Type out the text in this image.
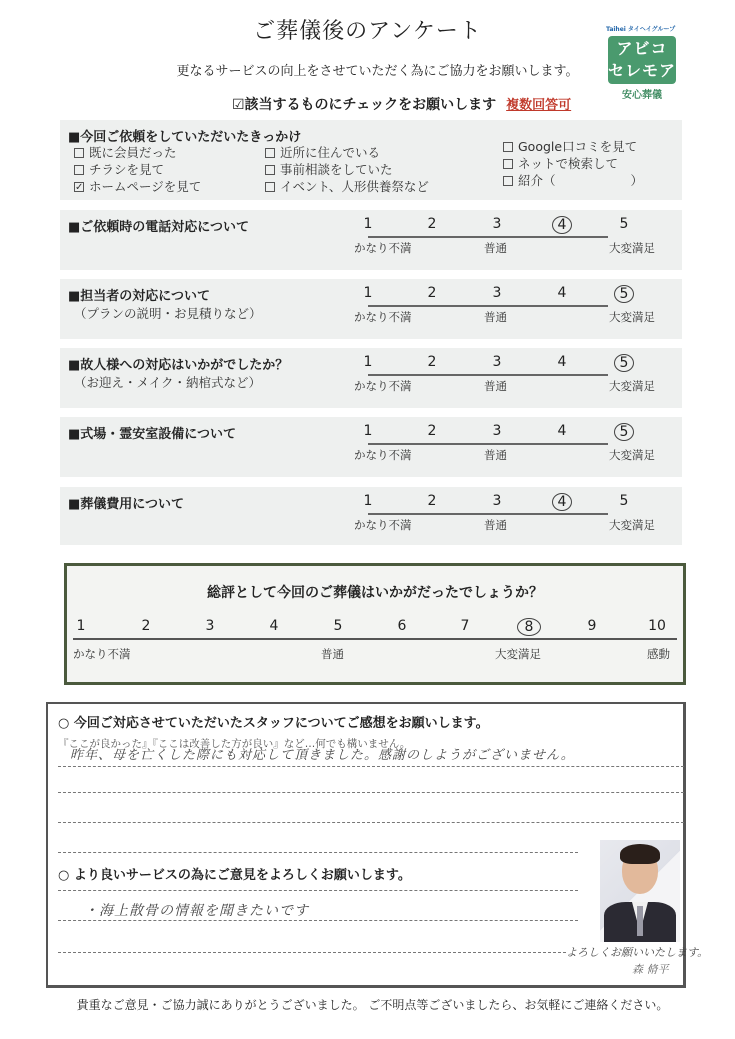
ご葬儀後のアンケート
更なるサービスの向上をさせていただく為にご協力をお願いします。
☑該当するものにチェックをお願いします 複数回答可
Taihei タイヘイグループ
アビコ
セレモア
安心葬儀
■今回ご依頼をしていただいたきっかけ
既に会員だった
チラシを見て
✓ホームページを見て
近所に住んでいる
事前相談をしていた
イベント、人形供養祭など
Google口コミを見て
ネットで検索して
紹介（　　　　　　）
■ご依頼時の電話対応について	1	2	3	4	5
かなり不満	普通	大変満足
■担当者の対応について
（プランの説明・お見積りなど）
1	2	3	4	5
かなり不満	普通	大変満足
■故人様への対応はいかがでしたか？
（お迎え・メイク・納棺式など）
1	2	3	4	5
かなり不満	普通	大変満足
■式場・霊安室設備について	1	2	3	4	5
かなり不満	普通	大変満足
■葬儀費用について	1	2	3	4	5
かなり不満	普通	大変満足
総評として今回のご葬儀はいかがだったでしょうか？
1	2	3	4	5	6	7	8	9	10
かなり不満	普通	大変満足	感動
○ 今回ご対応させていただいたスタッフについてご感想をお願いします。
『ここが良かった』『ここは改善した方が良い』など…何でも構いません。
昨年、母を亡くした際にも対応して頂きました。感謝のしようがございません。
○ より良いサービスの為にご意見をよろしくお願いします。
・海上散骨の情報を聞きたいです
よろしくお願いいたします。
森 脩平
貴重なご意見・ご協力誠にありがとうございました。 ご不明点等ございましたら、お気軽にご連絡ください。
